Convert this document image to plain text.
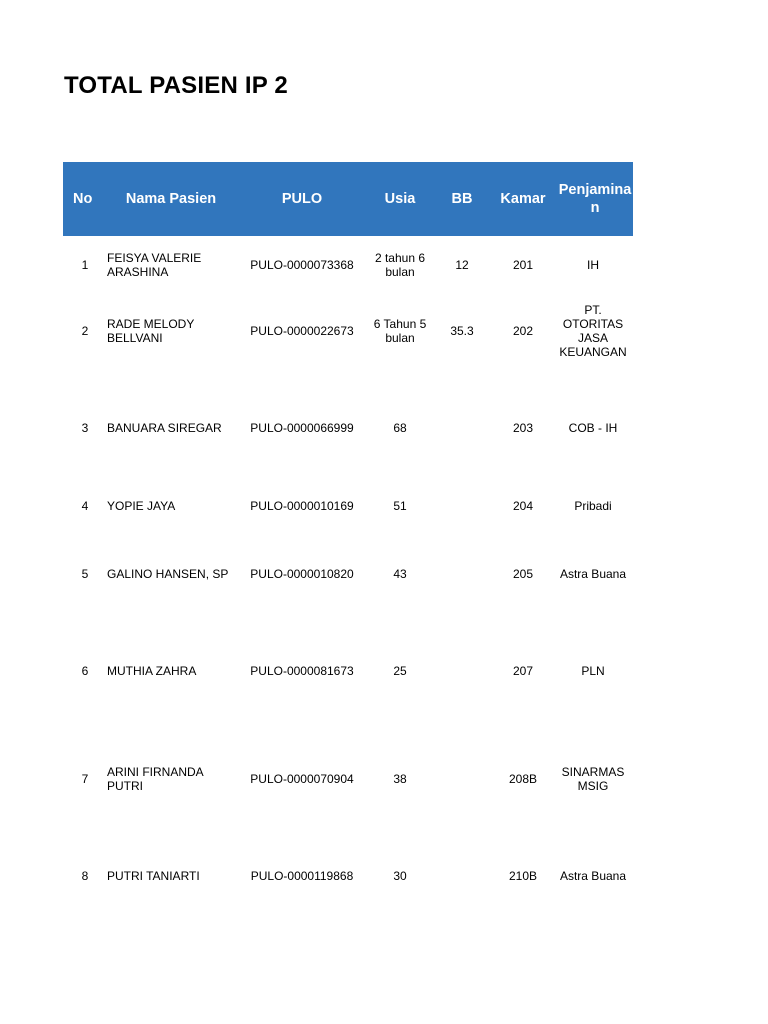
TOTAL PASIEN IP 2
No	Nama Pasien	PULO	Usia	BB	Kamar	Penjamina n
1	FEISYA VALERIE ARASHINA	PULO-0000073368	2 tahun 6 bulan	12	201	IH
2	RADE MELODY BELLVANI	PULO-0000022673	6 Tahun 5 bulan	35.3	202	PT. OTORITAS JASA KEUANGAN
3	BANUARA SIREGAR	PULO-0000066999	68		203	COB - IH
4	YOPIE JAYA	PULO-0000010169	51		204	Pribadi
5	GALINO HANSEN, SP	PULO-0000010820	43		205	Astra Buana
6	MUTHIA ZAHRA	PULO-0000081673	25		207	PLN
7	ARINI FIRNANDA PUTRI	PULO-0000070904	38		208B	SINARMAS MSIG
8	PUTRI TANIARTI	PULO-0000119868	30		210B	Astra Buana
